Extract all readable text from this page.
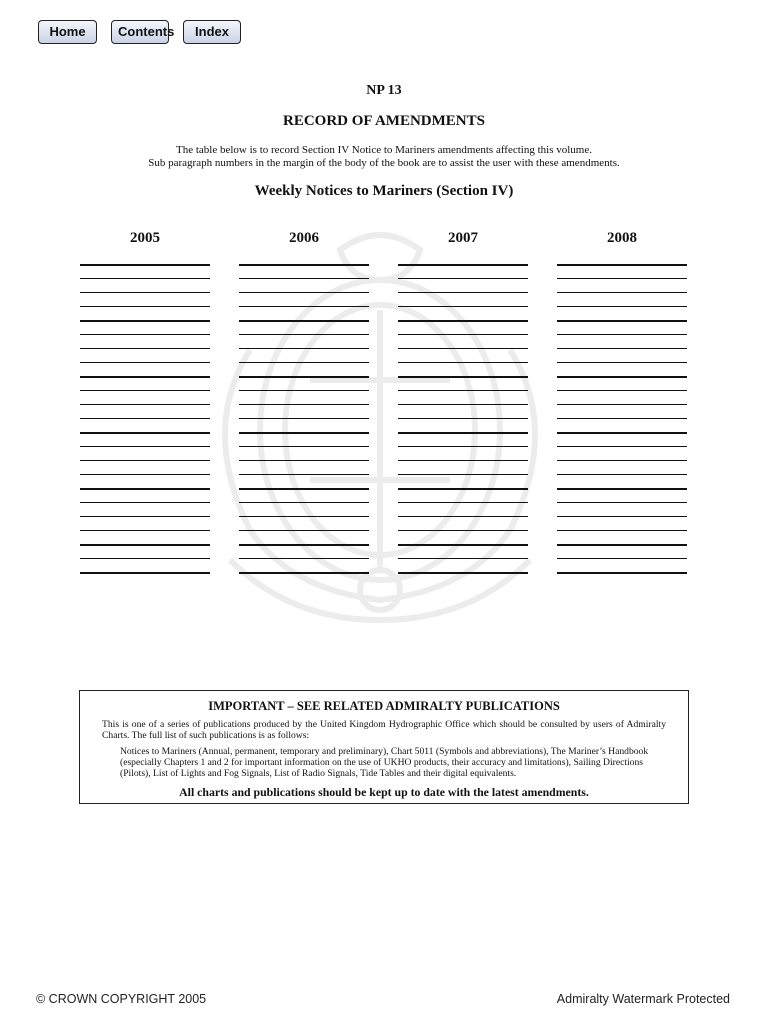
Home	Contents	Index
NP 13
RECORD OF AMENDMENTS
The table below is to record Section IV Notice to Mariners amendments affecting this volume.
Sub paragraph numbers in the margin of the body of the book are to assist the user with these amendments.
Weekly Notices to Mariners (Section IV)
2005	2006	2007	2008
IMPORTANT – SEE RELATED ADMIRALTY PUBLICATIONS
This is one of a series of publications produced by the United Kingdom Hydrographic Office which should be consulted by users of Admiralty Charts. The full list of such publications is as follows:
Notices to Mariners (Annual, permanent, temporary and preliminary), Chart 5011 (Symbols and abbreviations), The Mariner’s Handbook (especially Chapters 1 and 2 for important information on the use of UKHO products, their accuracy and limitations), Sailing Directions (Pilots), List of Lights and Fog Signals, List of Radio Signals, Tide Tables and their digital equivalents.
All charts and publications should be kept up to date with the latest amendments.
© CROWN COPYRIGHT 2005	Admiralty Watermark Protected
